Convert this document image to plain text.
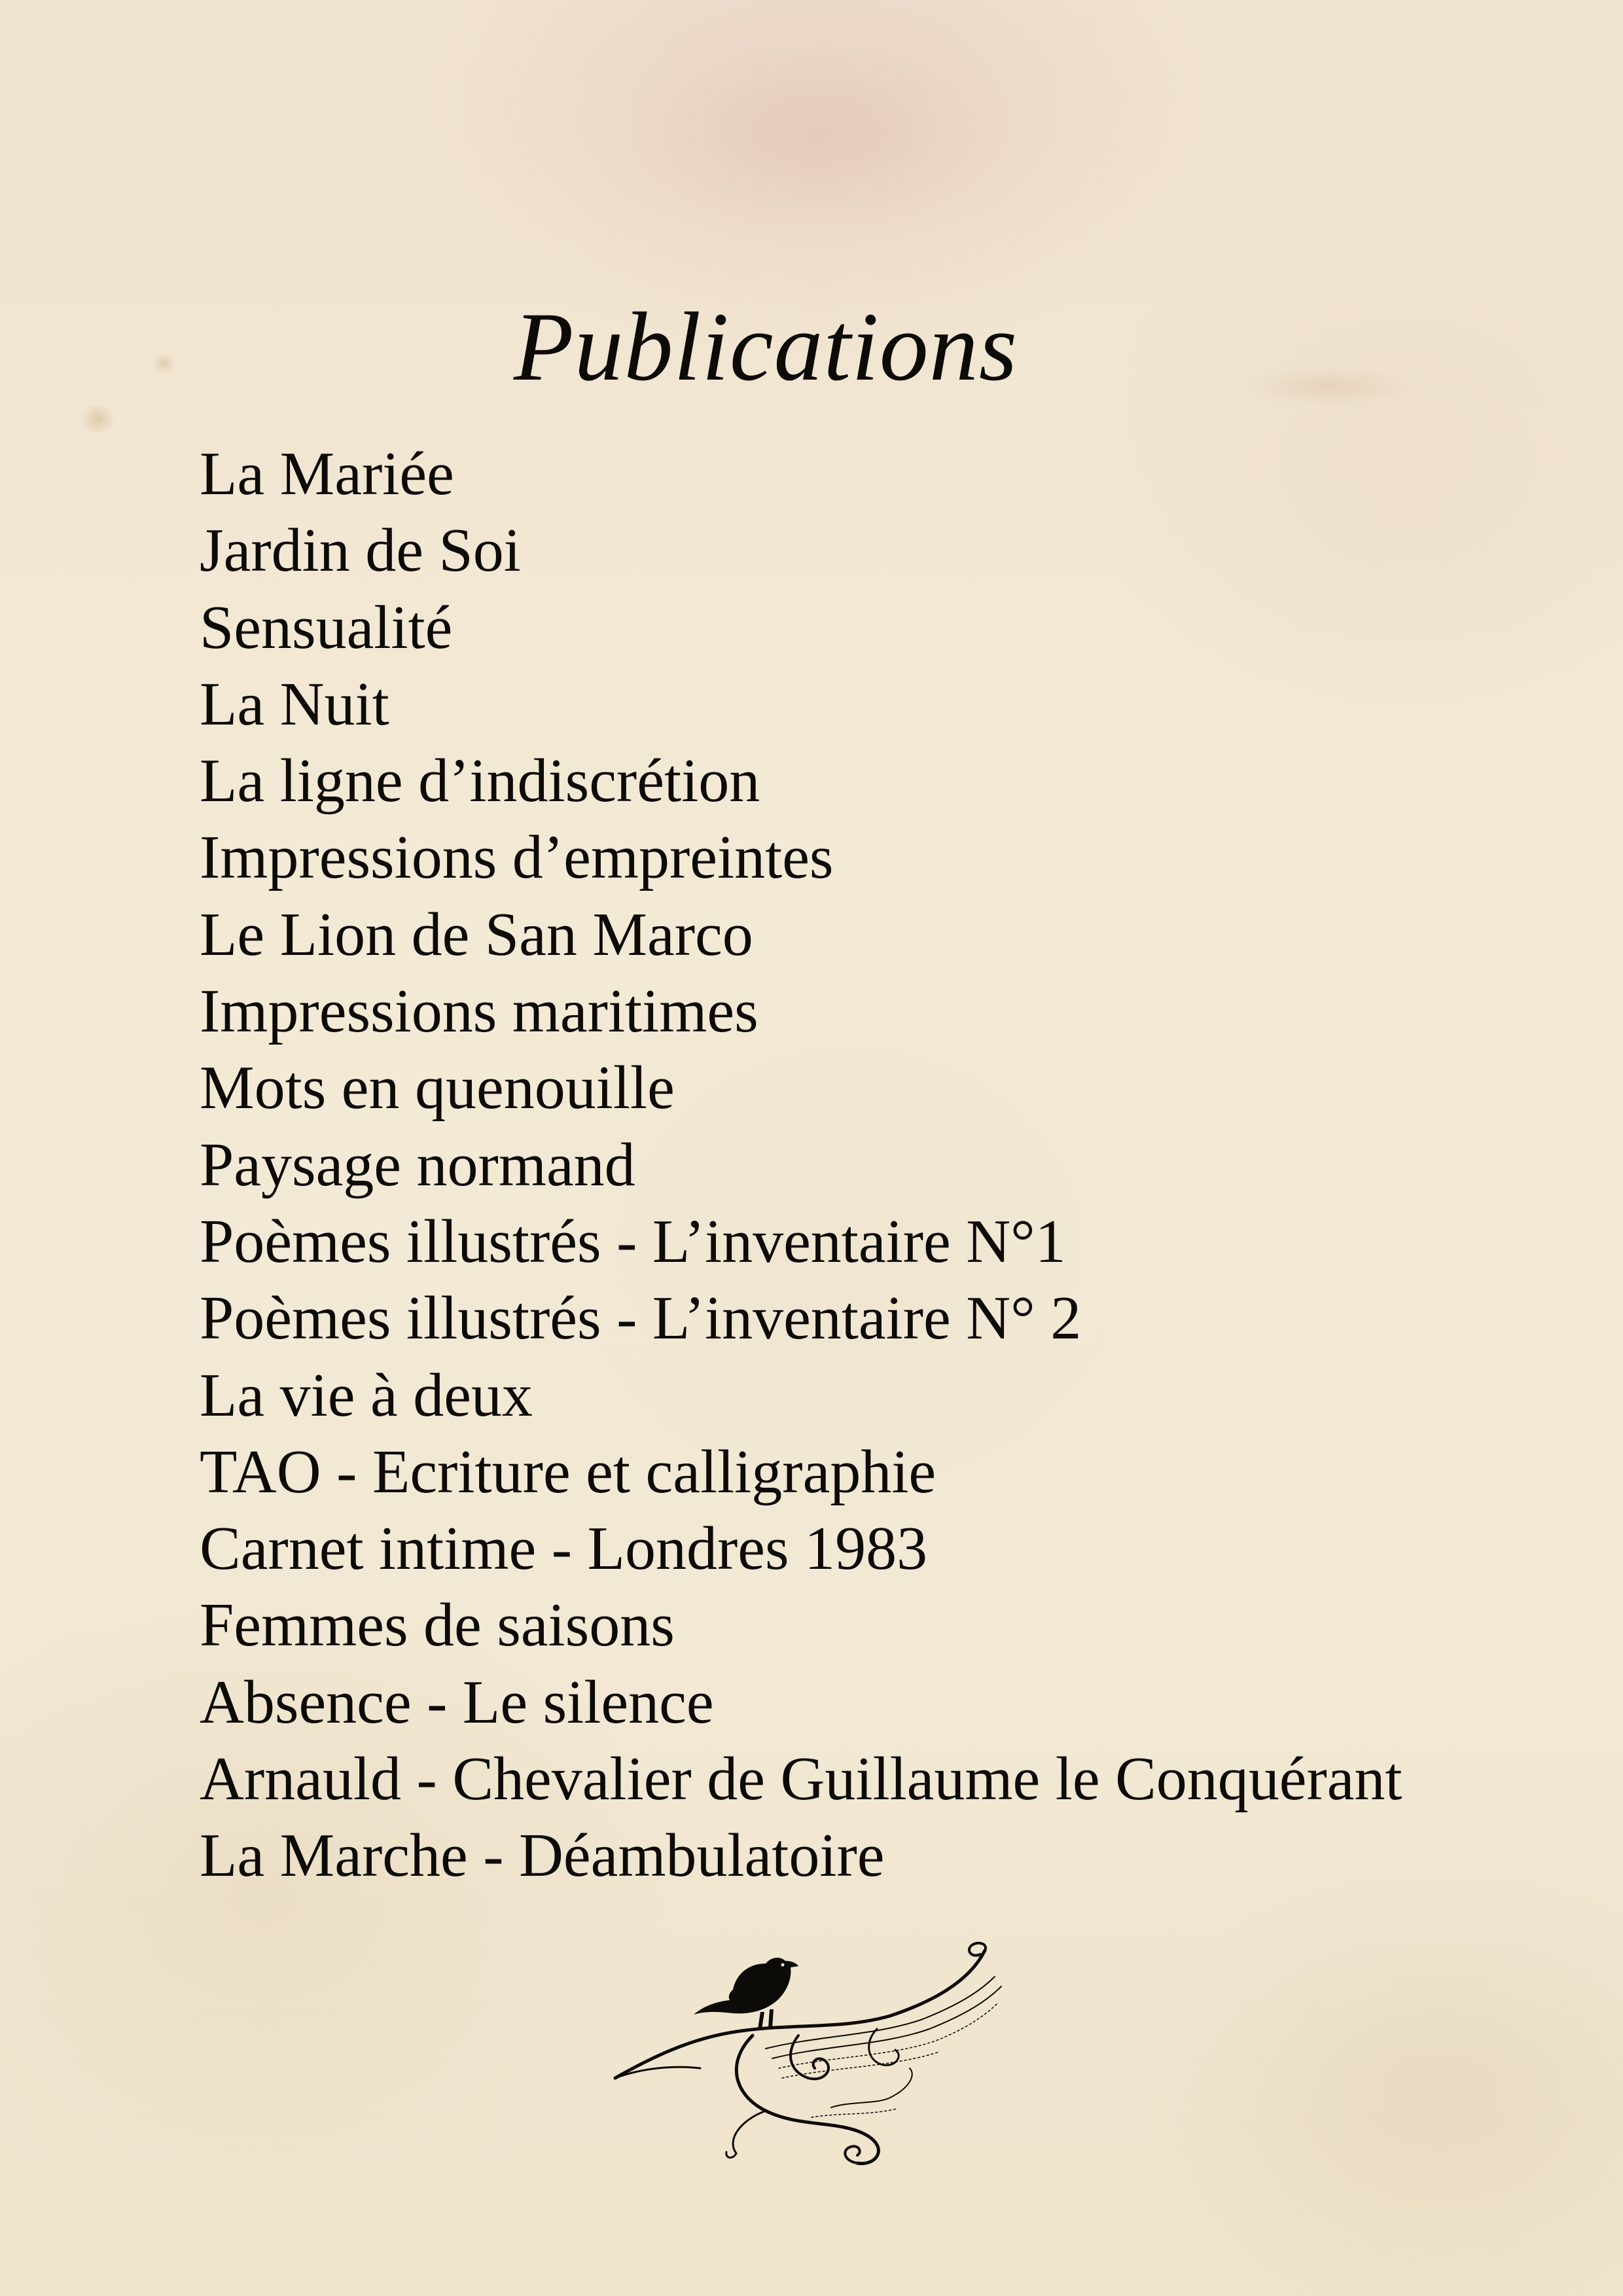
Publications
La Mariée
Jardin de Soi
Sensualité
La Nuit
La ligne d’indiscrétion
Impressions d’empreintes
Le Lion de San Marco
Impressions maritimes
Mots en quenouille
Paysage normand
Poèmes illustrés - L’inventaire N°1
Poèmes illustrés - L’inventaire N° 2
La vie à deux
TAO - Ecriture et calligraphie
Carnet intime - Londres 1983
Femmes de saisons
Absence - Le silence
Arnauld - Chevalier de Guillaume le Conquérant
La Marche - Déambulatoire
